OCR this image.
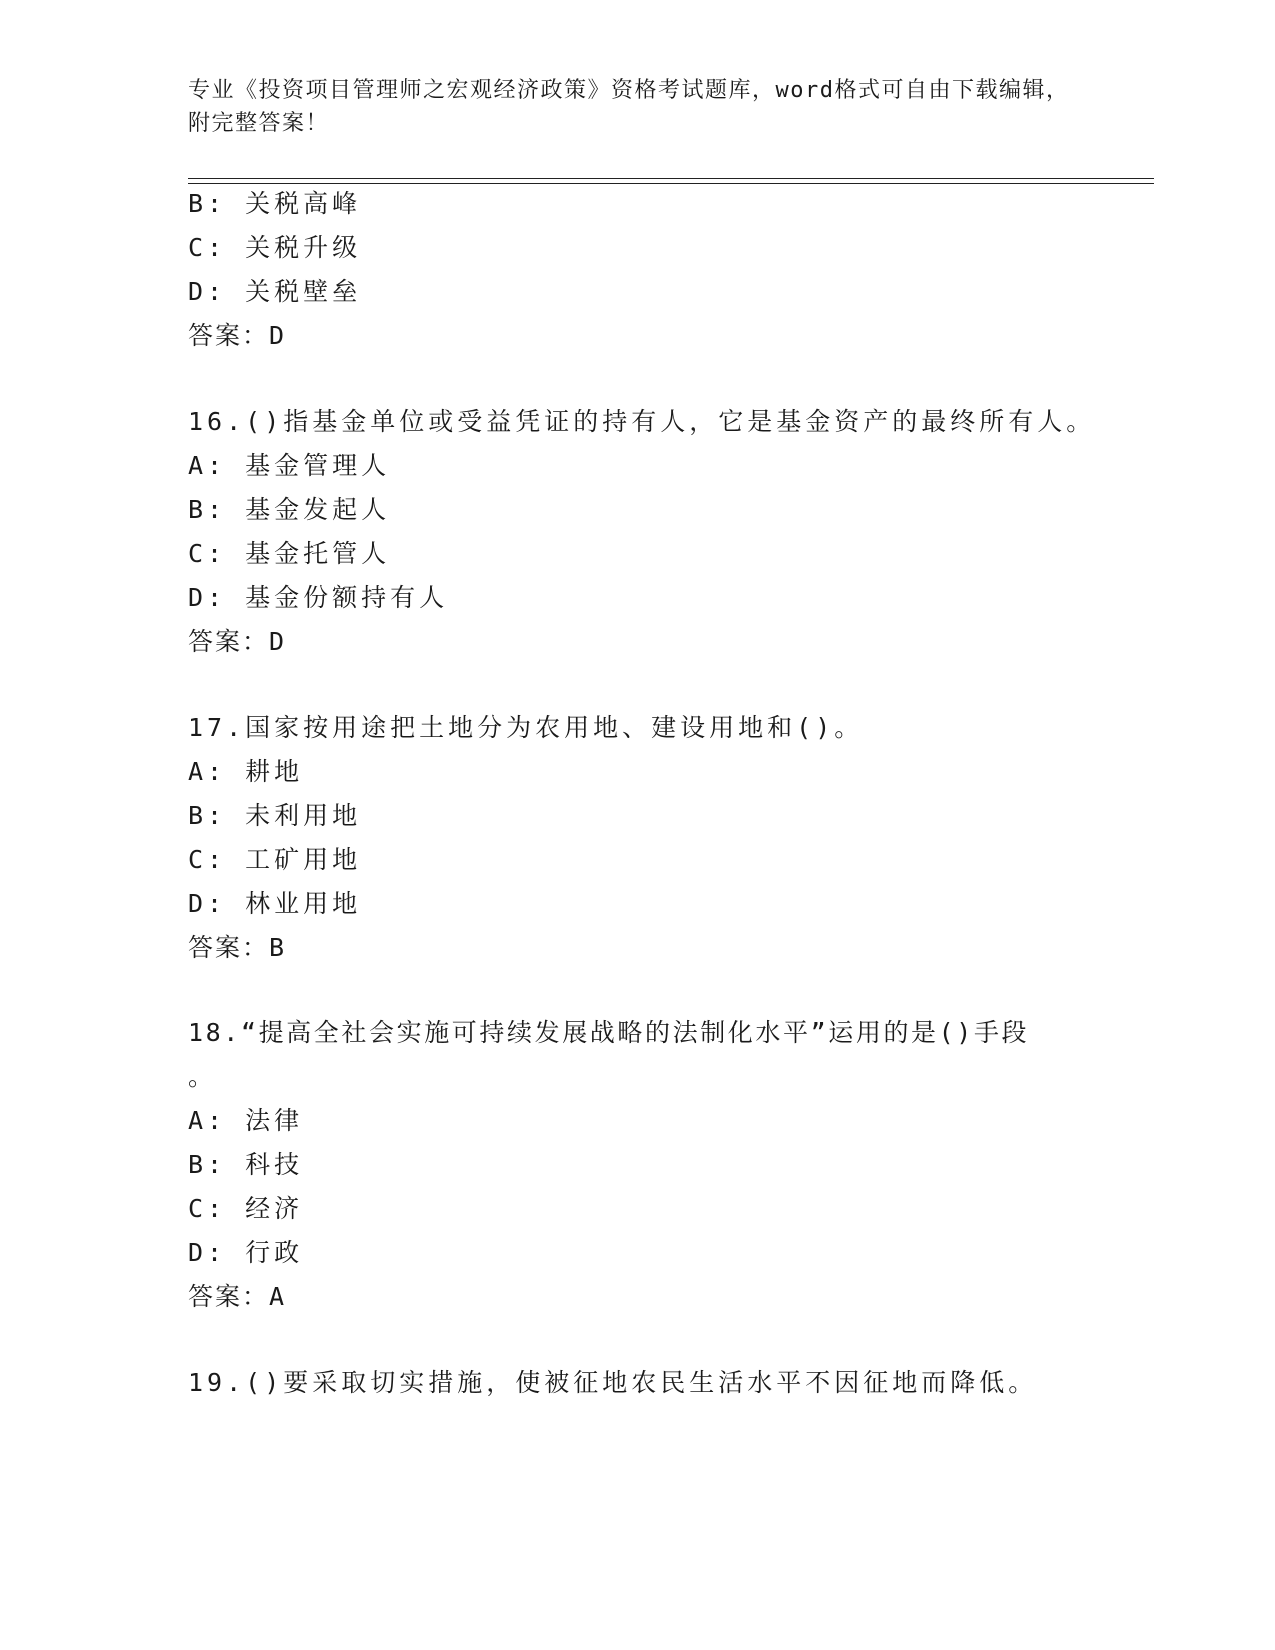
专业《投资项目管理师之宏观经济政策》资格考试题库，word格式可自由下载编辑，附完整答案！
B: 关税高峰
C: 关税升级
D: 关税壁垒
答案：D
16.()指基金单位或受益凭证的持有人，它是基金资产的最终所有人。
A: 基金管理人
B: 基金发起人
C: 基金托管人
D: 基金份额持有人
答案：D
17.国家按用途把土地分为农用地、建设用地和()。
A: 耕地
B: 未利用地
C: 工矿用地
D: 林业用地
答案：B
18.“提高全社会实施可持续发展战略的法制化水平”运用的是()手段
。
A: 法律
B: 科技
C: 经济
D: 行政
答案：A
19.()要采取切实措施，使被征地农民生活水平不因征地而降低。
